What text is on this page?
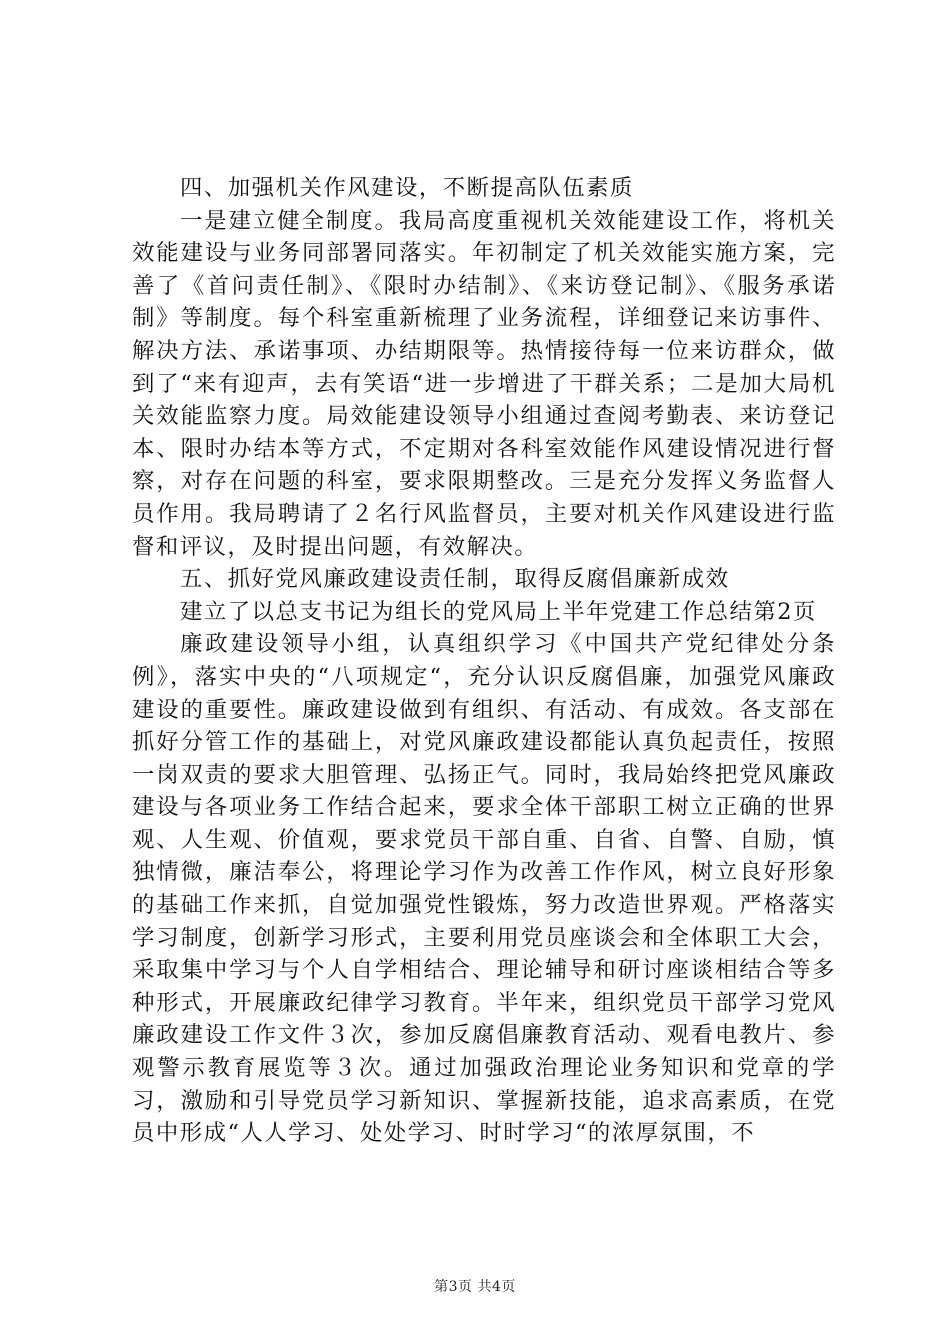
四、加强机关作风建设，不断提高队伍素质

一是建立健全制度。我局高度重视机关效能建设工作，将机关效能建设与业务同部署同落实。年初制定了机关效能实施方案，完善了《首问责任制》、《限时办结制》、《来访登记制》、《服务承诺制》等制度。每个科室重新梳理了业务流程，详细登记来访事件、解决方法、承诺事项、办结期限等。热情接待每一位来访群众，做到了“来有迎声，去有笑语“进一步增进了干群关系；二是加大局机关效能监察力度。局效能建设领导小组通过查阅考勤表、来访登记本、限时办结本等方式，不定期对各科室效能作风建设情况进行督察，对存在问题的科室，要求限期整改。三是充分发挥义务监督人员作用。我局聘请了２名行风监督员，主要对机关作风建设进行监督和评议，及时提出问题，有效解决。

五、抓好党风廉政建设责任制，取得反腐倡廉新成效

建立了以总支书记为组长的党风局上半年党建工作总结第2页

廉政建设领导小组，认真组织学习《中国共产党纪律处分条例》，落实中央的“八项规定“，充分认识反腐倡廉，加强党风廉政建设的重要性。廉政建设做到有组织、有活动、有成效。各支部在抓好分管工作的基础上，对党风廉政建设都能认真负起责任，按照一岗双责的要求大胆管理、弘扬正气。同时，我局始终把党风廉政建设与各项业务工作结合起来，要求全体干部职工树立正确的世界观、人生观、价值观，要求党员干部自重、自省、自警、自励，慎独情微，廉洁奉公，将理论学习作为改善工作作风，树立良好形象的基础工作来抓，自觉加强党性锻炼，努力改造世界观。严格落实学习制度，创新学习形式，主要利用党员座谈会和全体职工大会，采取集中学习与个人自学相结合、理论辅导和研讨座谈相结合等多种形式，开展廉政纪律学习教育。半年来，组织党员干部学习党风廉政建设工作文件３次，参加反腐倡廉教育活动、观看电教片、参观警示教育展览等３次。通过加强政治理论业务知识和党章的学习，激励和引导党员学习新知识、掌握新技能，追求高素质，在党员中形成“人人学习、处处学习、时时学习“的浓厚氛围，不

第3页 共4页
